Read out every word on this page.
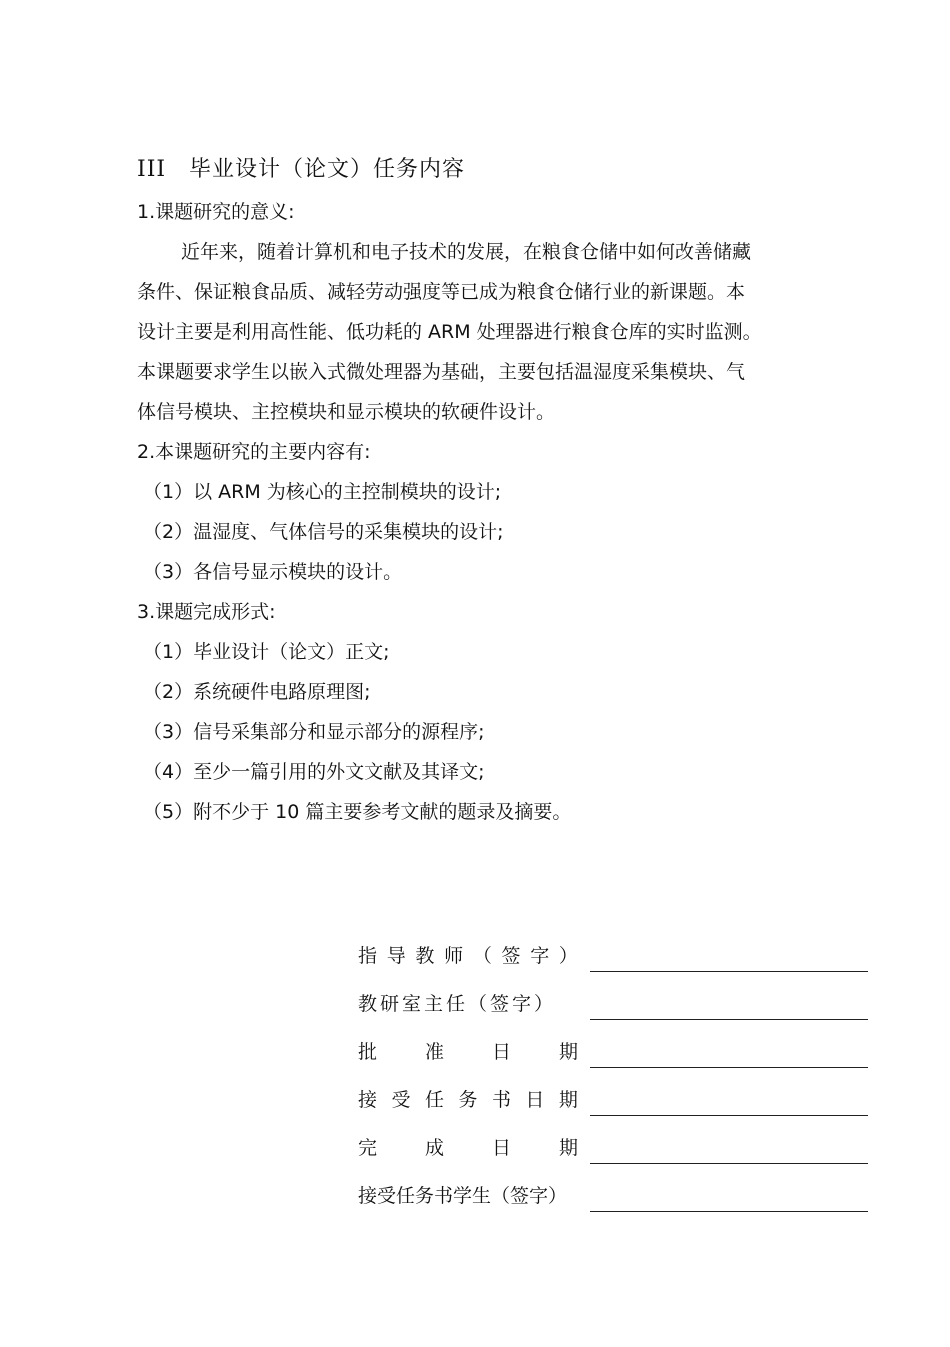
III 毕业设计（论文）任务内容
1.课题研究的意义:
近年来，随着计算机和电子技术的发展，在粮食仓储中如何改善储藏
条件、保证粮食品质、减轻劳动强度等已成为粮食仓储行业的新课题。本
设计主要是利用高性能、低功耗的 ARM 处理器进行粮食仓库的实时监测。
本课题要求学生以嵌入式微处理器为基础，主要包括温湿度采集模块、气
体信号模块、主控模块和显示模块的软硬件设计。
2.本课题研究的主要内容有:
（1）以 ARM 为核心的主控制模块的设计;
（2）温湿度、气体信号的采集模块的设计;
（3）各信号显示模块的设计。
3.课题完成形式:
（1）毕业设计（论文）正文;
（2）系统硬件电路原理图;
（3）信号采集部分和显示部分的源程序;
（4）至少一篇引用的外文文献及其译文;
（5）附不少于 10 篇主要参考文献的题录及摘要。
指 导 教 师 （ 签 字 ）
教研室主任（签字）
批	准	日	期
接 受 任 务 书 日 期
完	成	日	期
接受任务书学生（签字）
